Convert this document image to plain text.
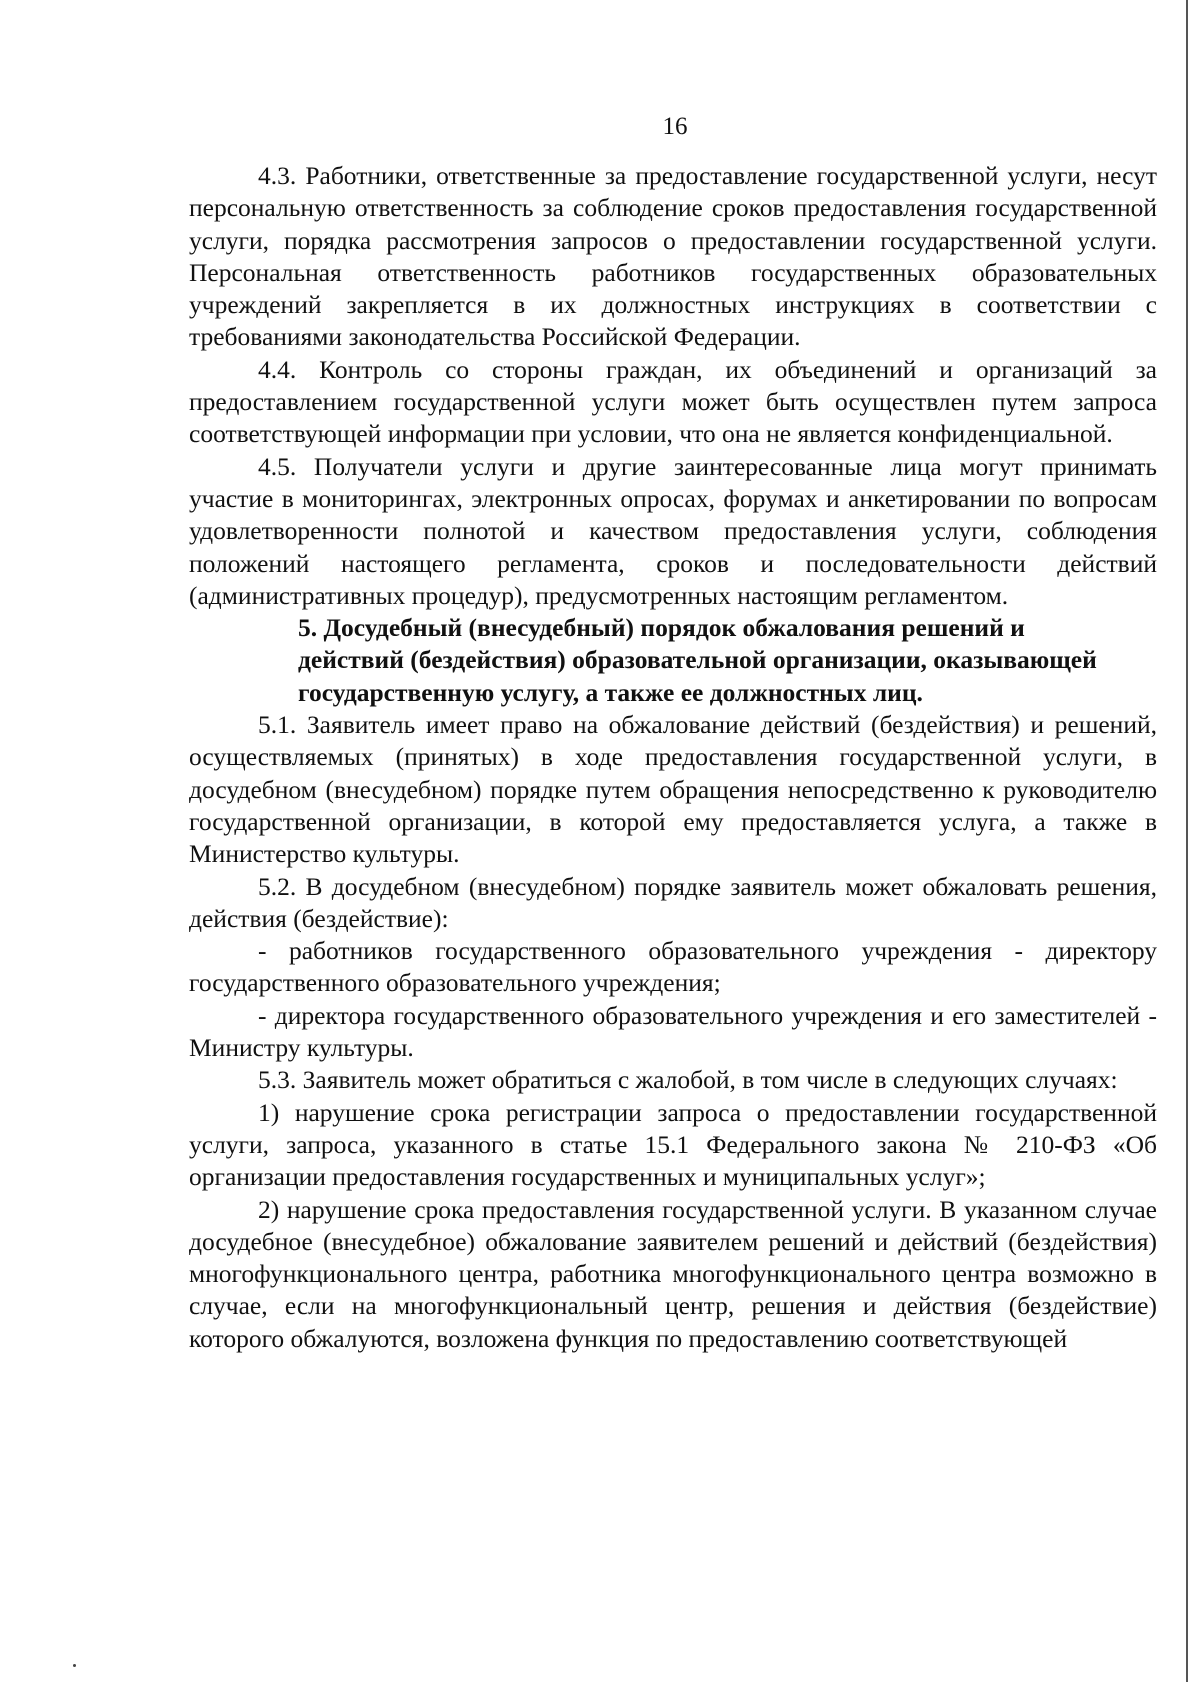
16

4.3. Работники, ответственные за предоставление государственной услуги, несут персональную ответственность за соблюдение сроков предоставления государственной услуги, порядка рассмотрения запросов о предоставлении государственной услуги. Персональная ответственность работников государственных образовательных учреждений закрепляется в их должностных инструкциях в соответствии с требованиями законодательства Российской Федерации.

4.4. Контроль со стороны граждан, их объединений и организаций за предоставлением государственной услуги может быть осуществлен путем запроса соответствующей информации при условии, что она не является конфиденциальной.

4.5. Получатели услуги и другие заинтересованные лица могут принимать участие в мониторингах, электронных опросах, форумах и анкетировании по вопросам удовлетворенности полнотой и качеством предоставления услуги, соблюдения положений настоящего регламента, сроков и последовательности действий (административных процедур), предусмотренных настоящим регламентом.

5. Досудебный (внесудебный) порядок обжалования решений и
действий (бездействия) образовательной организации, оказывающей
государственную услугу, а также ее должностных лиц.

5.1. Заявитель имеет право на обжалование действий (бездействия) и решений, осуществляемых (принятых) в ходе предоставления государственной услуги, в досудебном (внесудебном) порядке путем обращения непосредственно к руководителю государственной организации, в которой ему предоставляется услуга, а также в Министерство культуры.

5.2. В досудебном (внесудебном) порядке заявитель может обжаловать решения, действия (бездействие):

- работников государственного образовательного учреждения - директору государственного образовательного учреждения;

- директора государственного образовательного учреждения и его заместителей - Министру культуры.

5.3. Заявитель может обратиться с жалобой, в том числе в следующих случаях:

1) нарушение срока регистрации запроса о предоставлении государственной услуги, запроса, указанного в статье 15.1 Федерального закона № 210-ФЗ «Об организации предоставления государственных и муниципальных услуг»;

2) нарушение срока предоставления государственной услуги. В указанном случае досудебное (внесудебное) обжалование заявителем решений и действий (бездействия) многофункционального центра, работника многофункционального центра возможно в случае, если на многофункциональный центр, решения и действия (бездействие) которого обжалуются, возложена функция по предоставлению соответствующей
